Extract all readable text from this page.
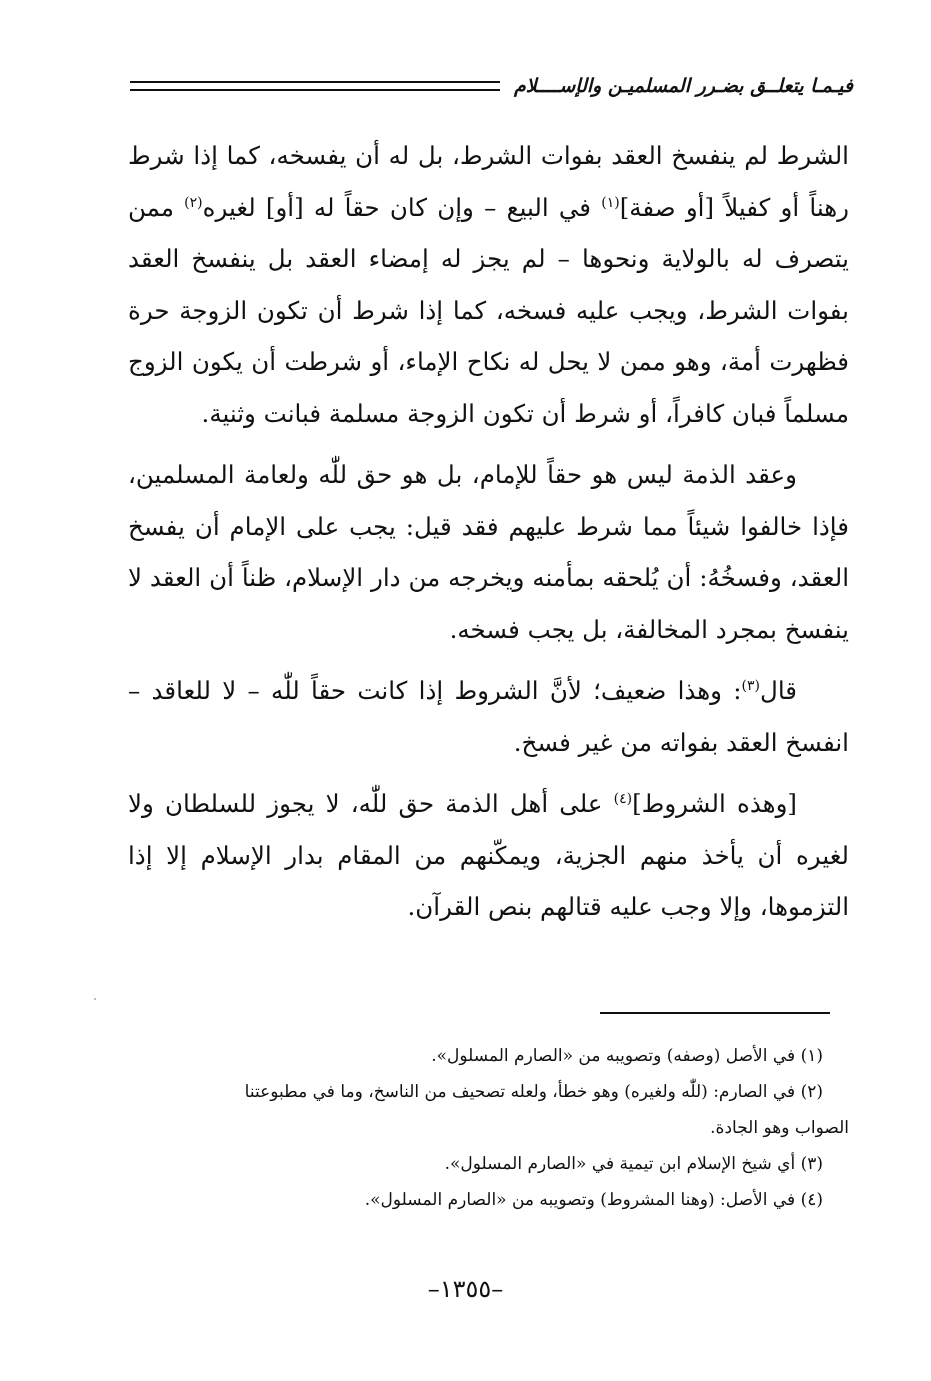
فيـمـا يتعلــق بضـرر المسلميـن والإســــلام

الشرط لم ينفسخ العقد بفوات الشرط، بل له أن يفسخه، كما إذا شرط رهناً أو كفيلاً [أو صفة]$^{(١)}$ في البيع – وإن كان حقاً له [أو] لغيره$^{(٢)}$ ممن يتصرف له بالولاية ونحوها – لم يجز له إمضاء العقد بل ينفسخ العقد بفوات الشرط، ويجب عليه فسخه، كما إذا شرط أن تكون الزوجة حرة فظهرت أمة، وهو ممن لا يحل له نكاح الإماء، أو شرطت أن يكون الزوج مسلماً فبان كافراً، أو شرط أن تكون الزوجة مسلمة فبانت وثنية.

وعقد الذمة ليس هو حقاً للإمام، بل هو حق للّٰه ولعامة المسلمين، فإذا خالفوا شيئاً مما شرط عليهم فقد قيل: يجب على الإمام أن يفسخ العقد، وفسخُهُ: أن يُلحقه بمأمنه ويخرجه من دار الإسلام، ظناً أن العقد لا ينفسخ بمجرد المخالفة، بل يجب فسخه.

قال$^{(٣)}$: وهذا ضعيف؛ لأنَّ الشروط إذا كانت حقاً للّٰه – لا للعاقد – انفسخ العقد بفواته من غير فسخ.

[وهذه الشروط]$^{(٤)}$ على أهل الذمة حق للّٰه، لا يجوز للسلطان ولا لغيره أن يأخذ منهم الجزية، ويمكّنهم من المقام بدار الإسلام إلا إذا التزموها، وإلا وجب عليه قتالهم بنص القرآن.

(١) في الأصل (وصفه) وتصويبه من «الصارم المسلول».

(٢) في الصارم: (للّٰه ولغيره) وهو خطأ، ولعله تصحيف من الناسخ، وما في مطبوعتنا

الصواب وهو الجادة.

(٣) أي شيخ الإسلام ابن تيمية في «الصارم المسلول».

(٤) في الأصل: (وهنا المشروط) وتصويبه من «الصارم المسلول».

–١٣٥٥–
